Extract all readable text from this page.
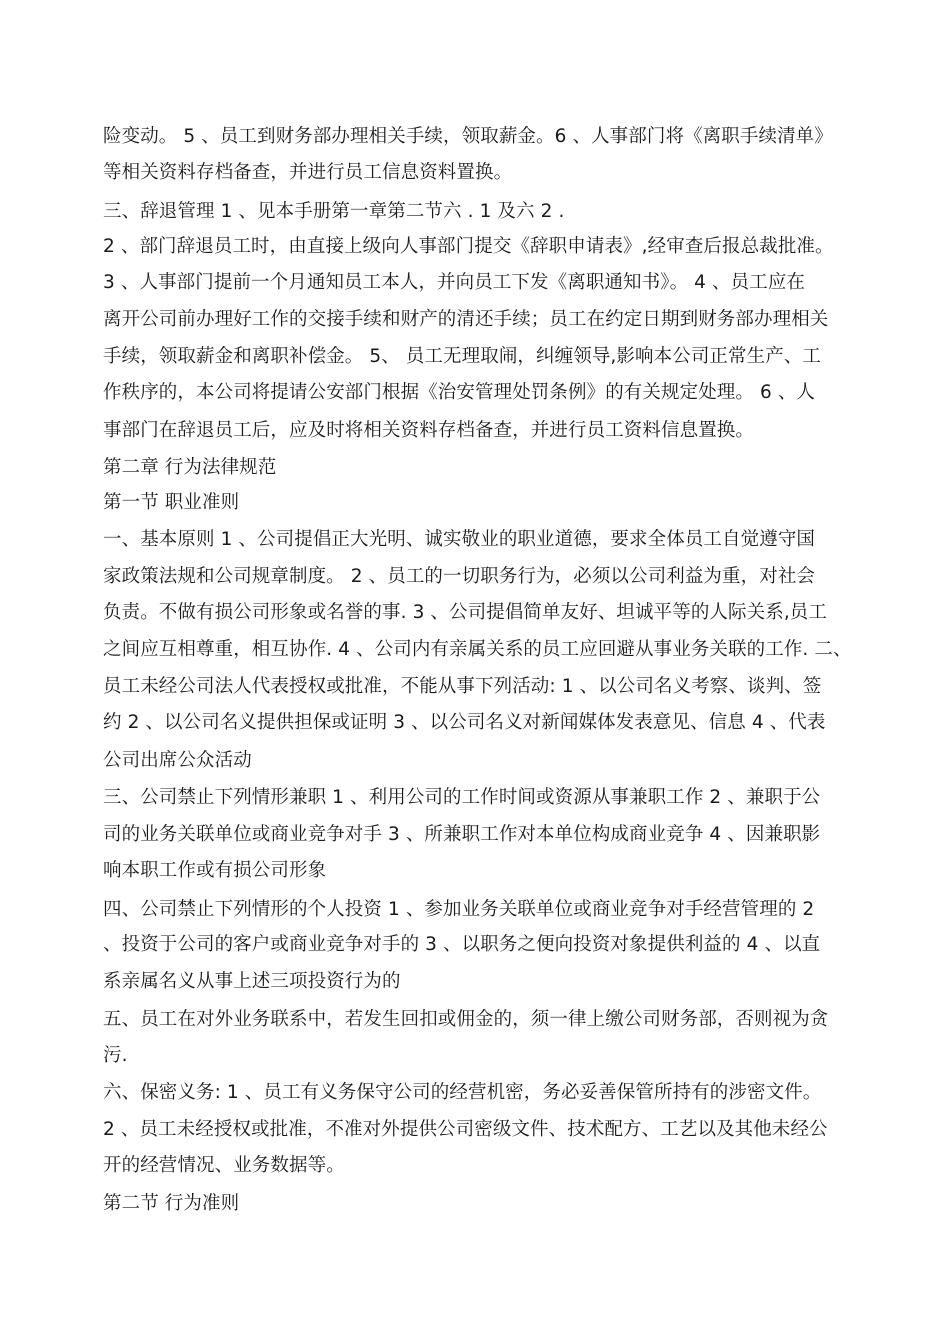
险变动。 5 、员工到财务部办理相关手续，领取薪金。6 、人事部门将《离职手续清单》
等相关资料存档备查，并进行员工信息资料置换。
三、辞退管理 1 、见本手册第一章第二节六 . 1 及六 2 .
2 、部门辞退员工时，由直接上级向人事部门提交《辞职申请表》,经审查后报总裁批准。
3 、人事部门提前一个月通知员工本人，并向员工下发《离职通知书》。 4 、员工应在
离开公司前办理好工作的交接手续和财产的清还手续；员工在约定日期到财务部办理相关
手续，领取薪金和离职补偿金。 5、 员工无理取闹，纠缠领导,影响本公司正常生产、工
作秩序的，本公司将提请公安部门根据《治安管理处罚条例》的有关规定处理。 6 、人
事部门在辞退员工后，应及时将相关资料存档备查，并进行员工资料信息置换。
第二章 行为法律规范
第一节 职业准则
一、基本原则 1 、公司提倡正大光明、诚实敬业的职业道德，要求全体员工自觉遵守国
家政策法规和公司规章制度。 2 、员工的一切职务行为，必须以公司利益为重，对社会
负责。不做有损公司形象或名誉的事. 3 、公司提倡简单友好、坦诚平等的人际关系,员工
之间应互相尊重，相互协作. 4 、公司内有亲属关系的员工应回避从事业务关联的工作. 二、
员工未经公司法人代表授权或批准，不能从事下列活动: 1 、以公司名义考察、谈判、签
约 2 、以公司名义提供担保或证明 3 、以公司名义对新闻媒体发表意见、信息 4 、代表
公司出席公众活动
三、公司禁止下列情形兼职 1 、利用公司的工作时间或资源从事兼职工作 2 、兼职于公
司的业务关联单位或商业竞争对手 3 、所兼职工作对本单位构成商业竞争 4 、因兼职影
响本职工作或有损公司形象
四、公司禁止下列情形的个人投资 1 、参加业务关联单位或商业竞争对手经营管理的 2
、投资于公司的客户或商业竞争对手的 3 、以职务之便向投资对象提供利益的 4 、以直
系亲属名义从事上述三项投资行为的
五、员工在对外业务联系中，若发生回扣或佣金的，须一律上缴公司财务部，否则视为贪
污.
六、保密义务: 1 、员工有义务保守公司的经营机密，务必妥善保管所持有的涉密文件。
2 、员工未经授权或批准，不准对外提供公司密级文件、技术配方、工艺以及其他未经公
开的经营情况、业务数据等。
第二节 行为准则
